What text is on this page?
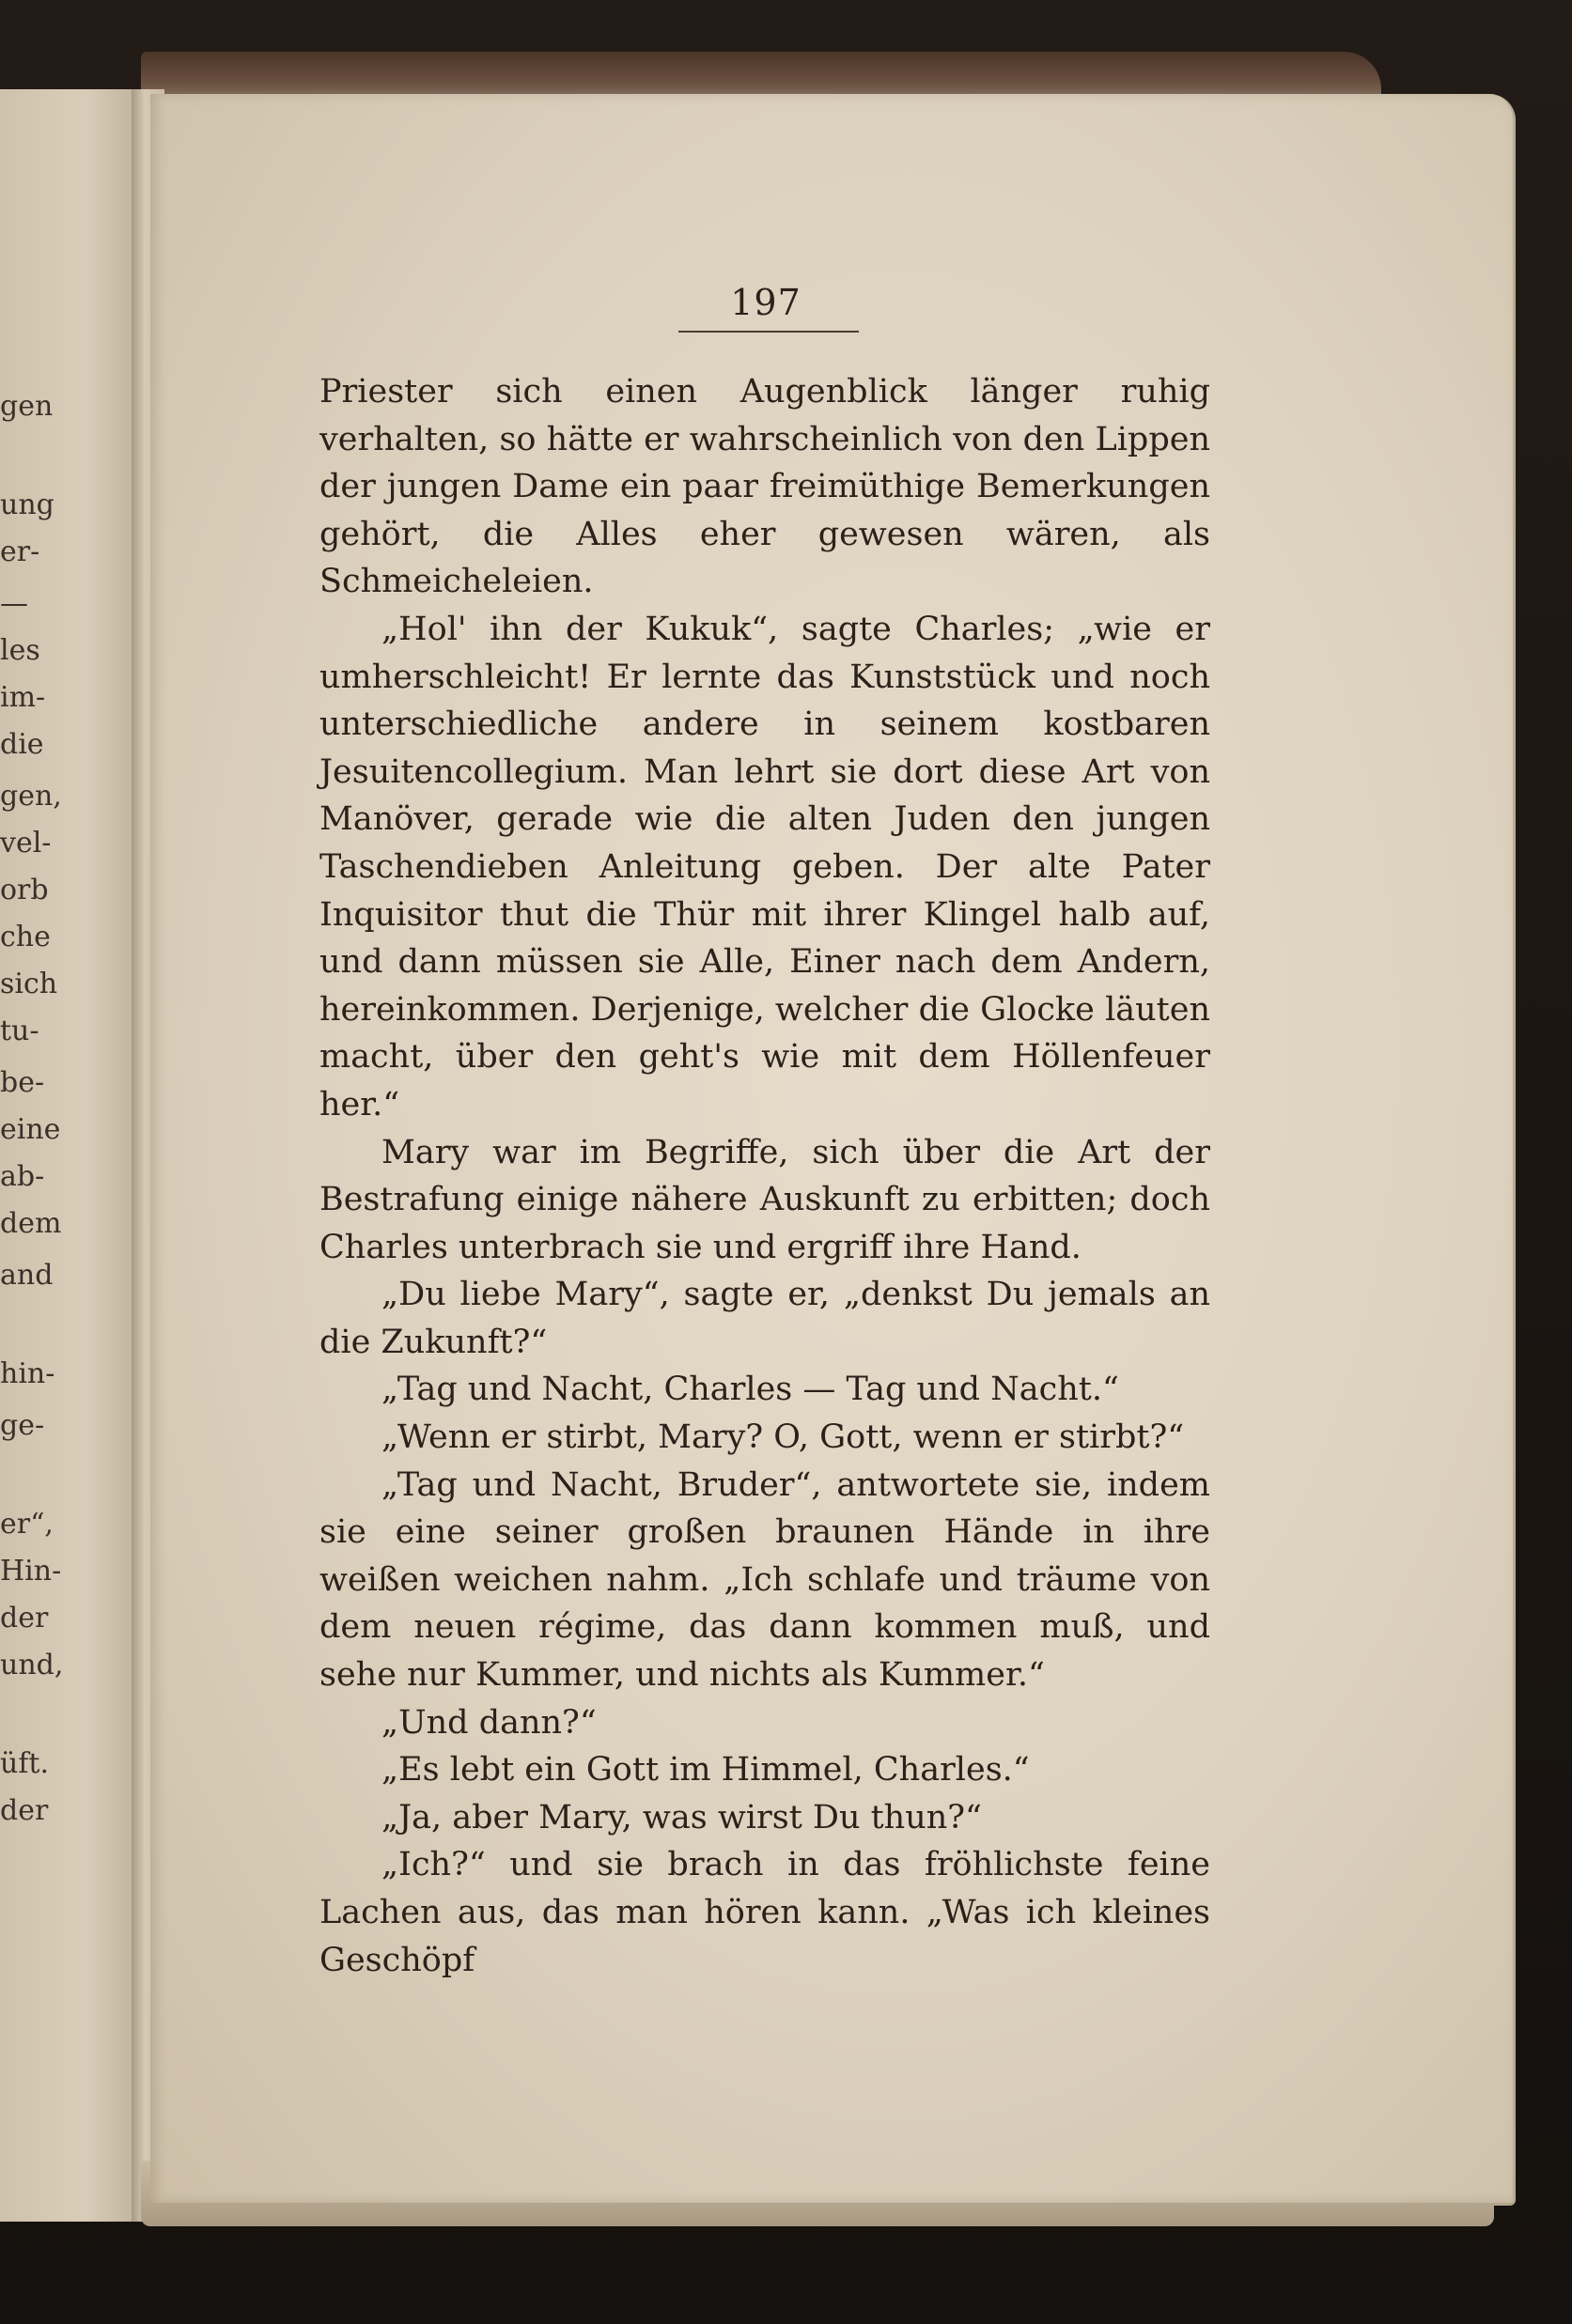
gen
ung
er-
—
les
im-
die
gen,
vel-
orb
che
sich
tu-
be-
eine
ab-
dem
and
hin-
ge-
er“,
Hin-
der
und,
üft.
der
197

Priester sich einen Augenblick länger ruhig verhalten, so hätte er wahrscheinlich von den Lippen der jungen Dame ein paar freimüthige Bemerkungen gehört, die Alles eher gewesen wären, als Schmeicheleien.

„Hol' ihn der Kukuk“, sagte Charles; „wie er umherschleicht! Er lernte das Kunststück und noch unterschiedliche andere in seinem kostbaren Jesuitencollegium. Man lehrt sie dort diese Art von Manöver, gerade wie die alten Juden den jungen Taschendieben Anleitung geben. Der alte Pater Inquisitor thut die Thür mit ihrer Klingel halb auf, und dann müssen sie Alle, Einer nach dem Andern, hereinkommen. Derjenige, welcher die Glocke läuten macht, über den geht's wie mit dem Höllenfeuer her.“

Mary war im Begriffe, sich über die Art der Bestrafung einige nähere Auskunft zu erbitten; doch Charles unterbrach sie und ergriff ihre Hand.

„Du liebe Mary“, sagte er, „denkst Du jemals an die Zukunft?“

„Tag und Nacht, Charles — Tag und Nacht.“

„Wenn er stirbt, Mary? O, Gott, wenn er stirbt?“

„Tag und Nacht, Bruder“, antwortete sie, indem sie eine seiner großen braunen Hände in ihre weißen weichen nahm. „Ich schlafe und träume von dem neuen régime, das dann kommen muß, und sehe nur Kummer, und nichts als Kummer.“

„Und dann?“

„Es lebt ein Gott im Himmel, Charles.“

„Ja, aber Mary, was wirst Du thun?“

„Ich?“ und sie brach in das fröhlichste feine Lachen aus, das man hören kann. „Was ich kleines Geschöpf
